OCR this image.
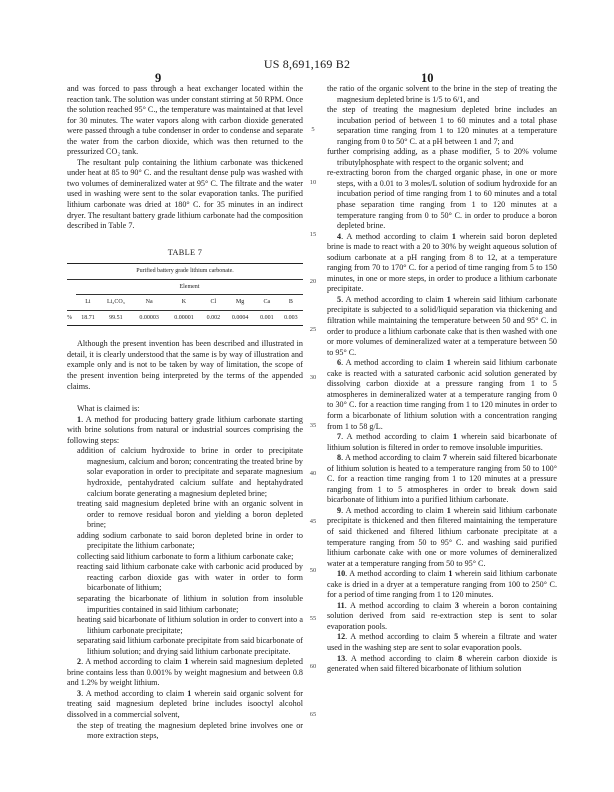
US 8,691,169 B2
9	10

and was forced to pass through a heat exchanger located within the reaction tank. The solution was under constant stirring at 50 RPM. Once the solution reached 95° C., the temperature was maintained at that level for 30 minutes. The water vapors along with carbon dioxide generated were passed through a tube condenser in order to condense and separate the water from the carbon dioxide, which was then returned to the pressurized CO₂ tank.

The resultant pulp containing the lithium carbonate was thickened under heat at 85 to 90° C. and the resultant dense pulp was washed with two volumes of demineralized water at 95° C. The filtrate and the water used in washing were sent to the solar evaporation tanks. The purified lithium carbonate was dried at 180° C. for 35 minutes in an indirect dryer. The resultant battery grade lithium carbonate had the composition described in Table 7.

TABLE 7
Purified battery grade lithium carbonate.								
	Element							
	Li	Li₂CO₃	Na	K	Cl	Mg	Ca	B
%	18.71	99.51	0.00003	0.00001	0.002	0.0004	0.001	0.003

Although the present invention has been described and illustrated in detail, it is clearly understood that the same is by way of illustration and example only and is not to be taken by way of limitation, the scope of the present invention being interpreted by the terms of the appended claims.

What is claimed is:

1. A method for producing battery grade lithium carbonate starting with brine solutions from natural or industrial sources comprising the following steps:

addition of calcium hydroxide to brine in order to precipitate magnesium, calcium and boron; concentrating the treated brine by solar evaporation in order to precipitate and separate magnesium hydroxide, pentahydrated calcium sulfate and heptahydrated calcium borate generating a magnesium depleted brine;

treating said magnesium depleted brine with an organic solvent in order to remove residual boron and yielding a boron depleted brine;

adding sodium carbonate to said boron depleted brine in order to precipitate the lithium carbonate;

collecting said lithium carbonate to form a lithium carbonate cake;

reacting said lithium carbonate cake with carbonic acid produced by reacting carbon dioxide gas with water in order to form bicarbonate of lithium;

separating the bicarbonate of lithium in solution from insoluble impurities contained in said lithium carbonate;

heating said bicarbonate of lithium solution in order to convert into a lithium carbonate precipitate;

separating said lithium carbonate precipitate from said bicarbonate of lithium solution; and drying said lithium carbonate precipitate.

2. A method according to claim 1 wherein said magnesium depleted brine contains less than 0.001% by weight magnesium and between 0.8 and 1.2% by weight lithium.

3. A method according to claim 1 wherein said organic solvent for treating said magnesium depleted brine includes isooctyl alcohol dissolved in a commercial solvent,

the step of treating the magnesium depleted brine involves one or more extraction steps,

5
10
15
20
25
30
35
40
45
50
55
60
65

the ratio of the organic solvent to the brine in the step of treating the magnesium depleted brine is 1/5 to 6/1, and

the step of treating the magnesium depleted brine includes an incubation period of between 1 to 60 minutes and a total phase separation time ranging from 1 to 120 minutes at a temperature ranging from 0 to 50° C. at a pH between 1 and 7; and

further comprising adding, as a phase modifier, 5 to 20% volume tributylphosphate with respect to the organic solvent; and

re-extracting boron from the charged organic phase, in one or more steps, with a 0.01 to 3 moles/L solution of sodium hydroxide for an incubation period of time ranging from 1 to 60 minutes and a total phase separation time ranging from 1 to 120 minutes at a temperature ranging from 0 to 50° C. in order to produce a boron depleted brine.

4. A method according to claim 1 wherein said boron depleted brine is made to react with a 20 to 30% by weight aqueous solution of sodium carbonate at a pH ranging from 8 to 12, at a temperature ranging from 70 to 170° C. for a period of time ranging from 5 to 150 minutes, in one or more steps, in order to produce a lithium carbonate precipitate.

5. A method according to claim 1 wherein said lithium carbonate precipitate is subjected to a solid/liquid separation via thickening and filtration while maintaining the temperature between 50 and 95° C. in order to produce a lithium carbonate cake that is then washed with one or more volumes of demineralized water at a temperature between 50 to 95° C.

6. A method according to claim 1 wherein said lithium carbonate cake is reacted with a saturated carbonic acid solution generated by dissolving carbon dioxide at a pressure ranging from 1 to 5 atmospheres in demineralized water at a temperature ranging from 0 to 30° C. for a reaction time ranging from 1 to 120 minutes in order to form a bicarbonate of lithium solution with a concentration ranging from 1 to 58 g/L.

7. A method according to claim 1 wherein said bicarbonate of lithium solution is filtered in order to remove insoluble impurities.

8. A method according to claim 7 wherein said filtered bicarbonate of lithium solution is heated to a temperature ranging from 50 to 100° C. for a reaction time ranging from 1 to 120 minutes at a pressure ranging from 1 to 5 atmospheres in order to break down said bicarbonate of lithium into a purified lithium carbonate.

9. A method according to claim 1 wherein said lithium carbonate precipitate is thickened and then filtered maintaining the temperature of said thickened and filtered lithium carbonate precipitate at a temperature ranging from 50 to 95° C. and washing said purified lithium carbonate cake with one or more volumes of demineralized water at a temperature ranging from 50 to 95° C.

10. A method according to claim 1 wherein said lithium carbonate cake is dried in a dryer at a temperature ranging from 100 to 250° C. for a period of time ranging from 1 to 120 minutes.

11. A method according to claim 3 wherein a boron containing solution derived from said re-extraction step is sent to solar evaporation pools.

12. A method according to claim 5 wherein a filtrate and water used in the washing step are sent to solar evaporation pools.

13. A method according to claim 8 wherein carbon dioxide is generated when said filtered bicarbonate of lithium solution
